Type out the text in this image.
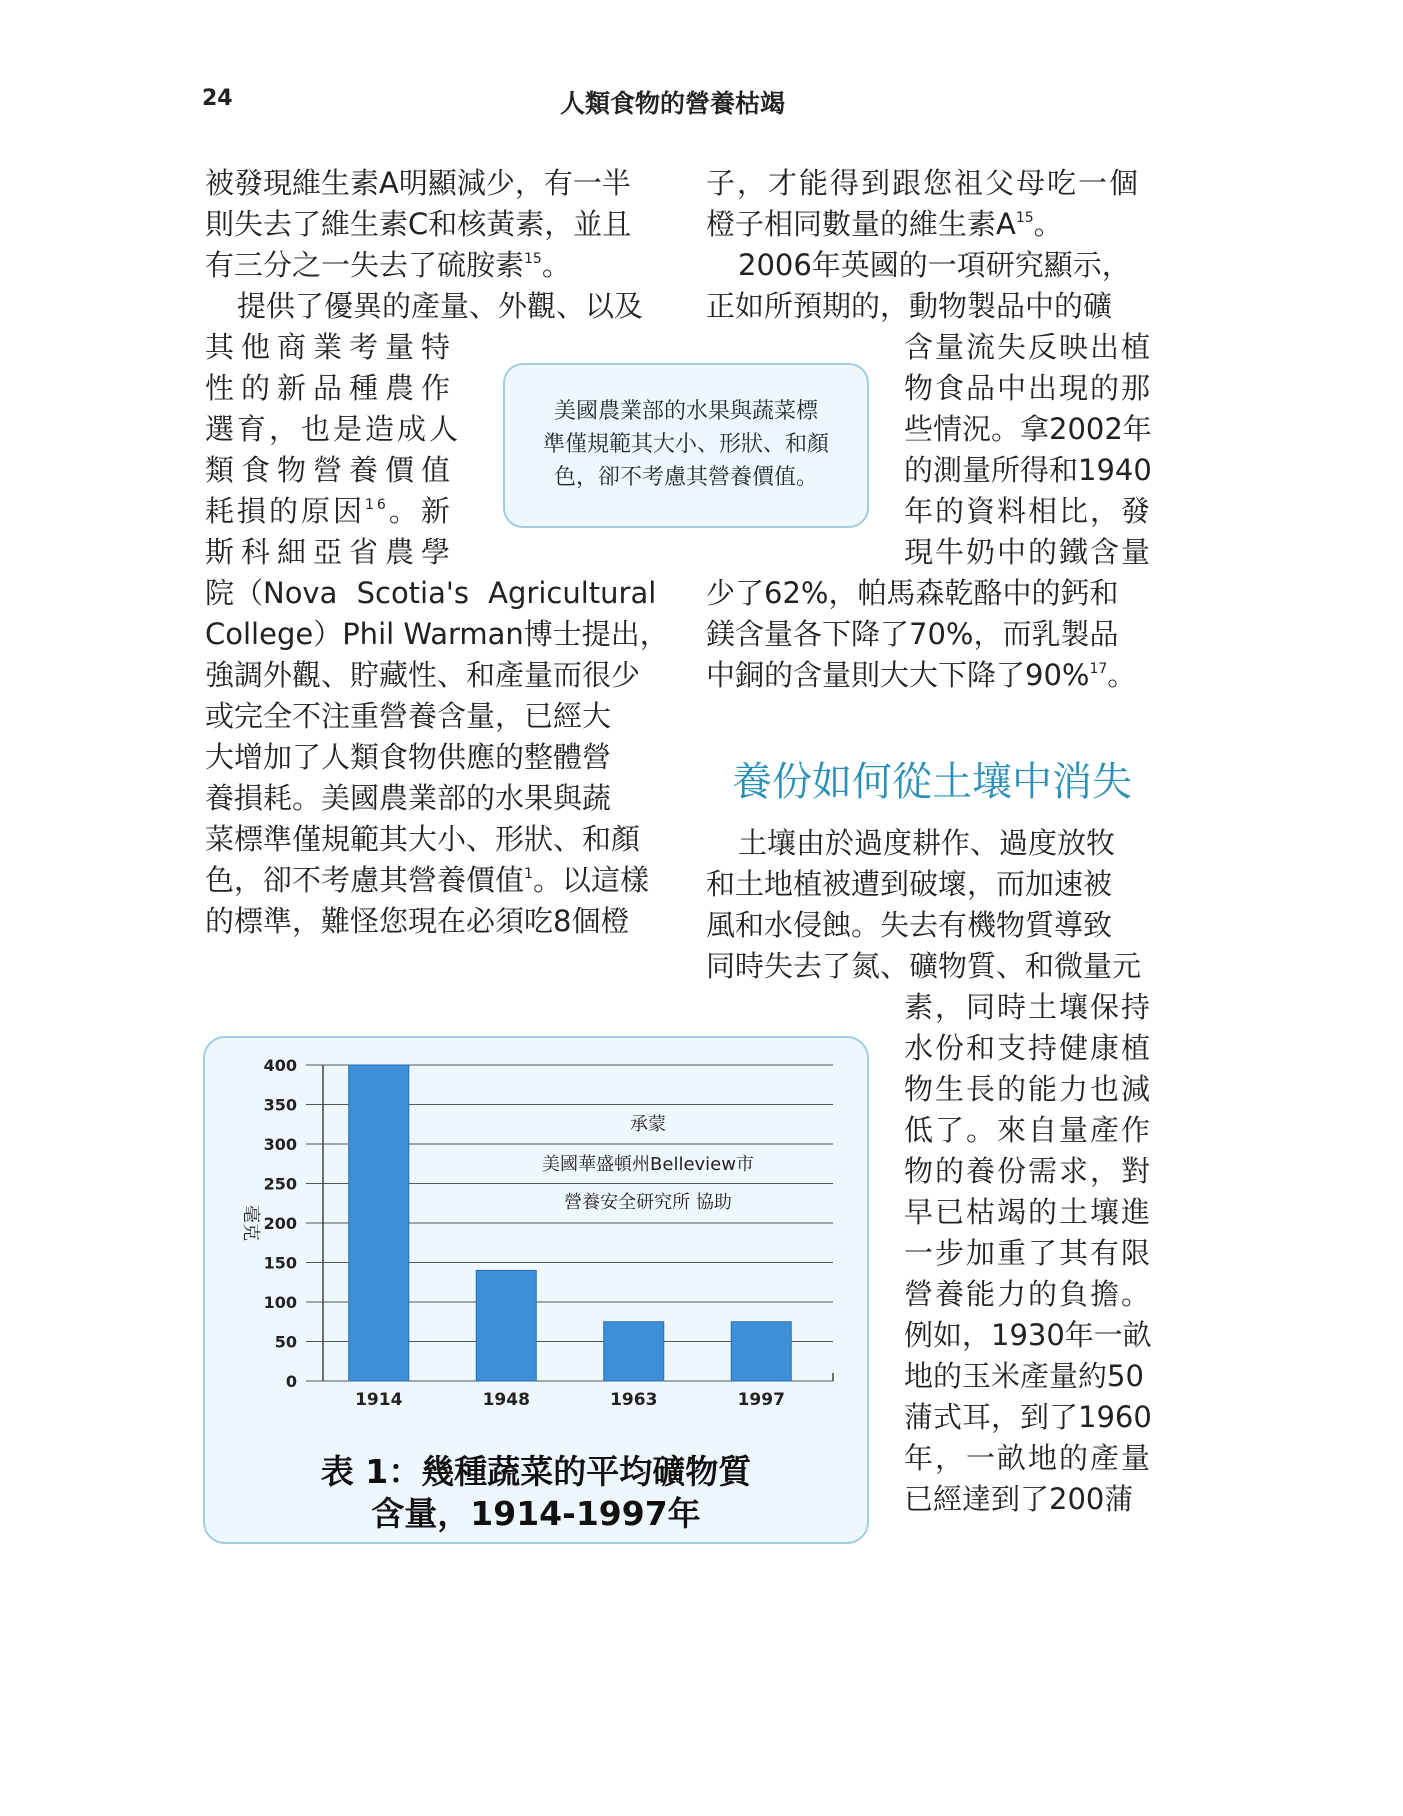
24	人類食物的營養枯竭
被發現維生素A明顯減少，有一半
則失去了維生素C和核黃素，並且
有三分之一失去了硫胺素$^{15}$。
提供了優異的產量、外觀、以及
其他商業考量特
性的新品種農作
選育，也是造成人
類食物營養價值
耗損的原因$^{16}$。新
斯科細亞省農學
院（Nova Scotia's Agricultural
College）Phil Warman博士提出，
強調外觀、貯藏性、和產量而很少
或完全不注重營養含量，已經大
大增加了人類食物供應的整體營
養損耗。美國農業部的水果與蔬
菜標準僅規範其大小、形狀、和顏
色，卻不考慮其營養價值$^1$。以這樣
的標準，難怪您現在必須吃8個橙
美國農業部的水果與蔬菜標
準僅規範其大小、形狀、和顏
色，卻不考慮其營養價值。
子，才能得到跟您祖父母吃一個
橙子相同數量的維生素$A^{15}$。
2006年英國的一項研究顯示，
正如所預期的，動物製品中的礦
含量流失反映出植
物食品中出現的那
些情況。拿2002年
的測量所得和1940
年的資料相比，發
現牛奶中的鐵含量
少了62%，帕馬森乾酪中的鈣和
鎂含量各下降了70%，而乳製品
中銅的含量則大大下降了90%$^{17}$。
養份如何從土壤中消失
土壤由於過度耕作、過度放牧
和土地植被遭到破壞，而加速被
風和水侵蝕。失去有機物質導致
同時失去了氮、礦物質、和微量元
素，同時土壤保持
水份和支持健康植
物生長的能力也減
低了。來自量產作
物的養份需求，對
早已枯竭的土壤進
一步加重了其有限
營養能力的負擔。
例如，1930年一畝
地的玉米產量約50
蒲式耳，到了1960
年，一畝地的產量
已經達到了200蒲
0
50
100
150
200
250
300
350
400
毫克
1914	1948	1963	1997
承蒙
美國華盛頓州Belleview市
營養安全研究所 協助
表 1：幾種蔬菜的平均礦物質
含量，1914-1997年
